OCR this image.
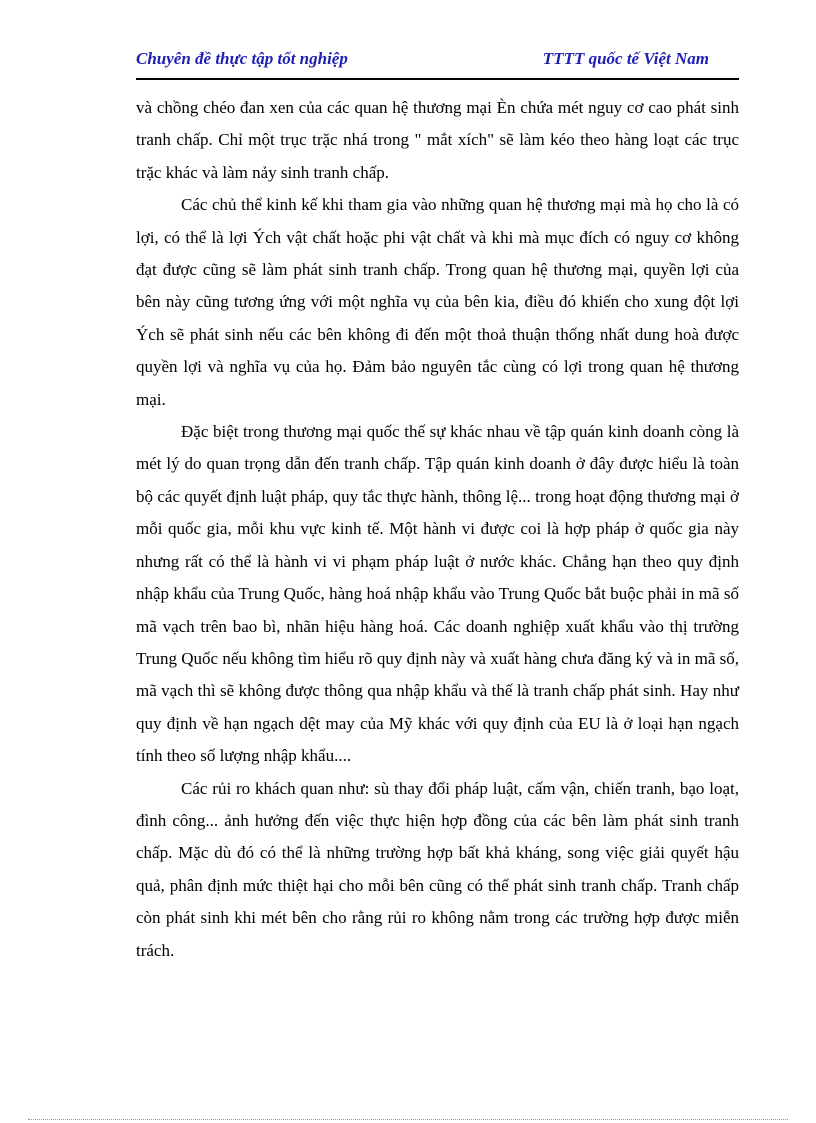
Chuyên đề thực tập tốt nghiệp	TTTT quốc tế Việt Nam

và chồng chéo đan xen của các quan hệ thương mại Èn chứa mét nguy cơ cao phát sinh tranh chấp. Chỉ một trục trặc nhá trong " mắt xích" sẽ làm kéo theo hàng loạt các trục trặc khác và làm nảy sinh tranh chấp.

Các chủ thể kinh kế khi tham gia vào những quan hệ thương mại mà họ cho là có lợi, có thể là lợi Ých vật chất hoặc phi vật chất và khi mà mục đích có nguy cơ không đạt được cũng sẽ làm phát sinh tranh chấp. Trong quan hệ thương mại, quyền lợi của bên này cũng tương ứng với một nghĩa vụ của bên kia, điều đó khiến cho xung đột lợi Ých sẽ phát sinh nếu các bên không đi đến một thoả thuận thống nhất dung hoà được quyền lợi và nghĩa vụ của họ. Đảm bảo nguyên tắc cùng có lợi trong quan hệ thương mại.

Đặc biệt trong thương mại quốc thế sự khác nhau về tập quán kinh doanh còng là mét lý do quan trọng dẫn đến tranh chấp. Tập quán kinh doanh ở đây được hiểu là toàn bộ các quyết định luật pháp, quy tắc thực hành, thông lệ... trong hoạt động thương mại ở mỗi quốc gia, mỗi khu vực kinh tế. Một hành vi được coi là hợp pháp ở quốc gia này nhưng rất có thể là hành vi vi phạm pháp luật ở nước khác. Chẳng hạn theo quy định nhập khẩu của Trung Quốc, hàng hoá nhập khẩu vào Trung Quốc bắt buộc phải in mã số mã vạch trên bao bì, nhãn hiệu hàng hoá. Các doanh nghiệp xuất khẩu vào thị trường Trung Quốc nếu không tìm hiểu rõ quy định này và xuất hàng chưa đăng ký và in mã số, mã vạch thì sẽ không được thông qua nhập khẩu và thế là tranh chấp phát sinh. Hay như quy định về hạn ngạch dệt may của Mỹ khác với quy định của EU là ở loại hạn ngạch tính theo số lượng nhập khẩu....

Các rủi ro khách quan như: sù thay đổi pháp luật, cấm vận, chiến tranh, bạo loạt, đình công... ảnh hưởng đến việc thực hiện hợp đồng của các bên làm phát sinh tranh chấp. Mặc dù đó có thể là những trường hợp bất khả kháng, song việc giải quyết hậu quả, phân định mức thiệt hại cho mỗi bên cũng có thể phát sinh tranh chấp. Tranh chấp còn phát sinh khi mét bên cho rằng rủi ro không nằm trong các trường hợp được miễn trách.
